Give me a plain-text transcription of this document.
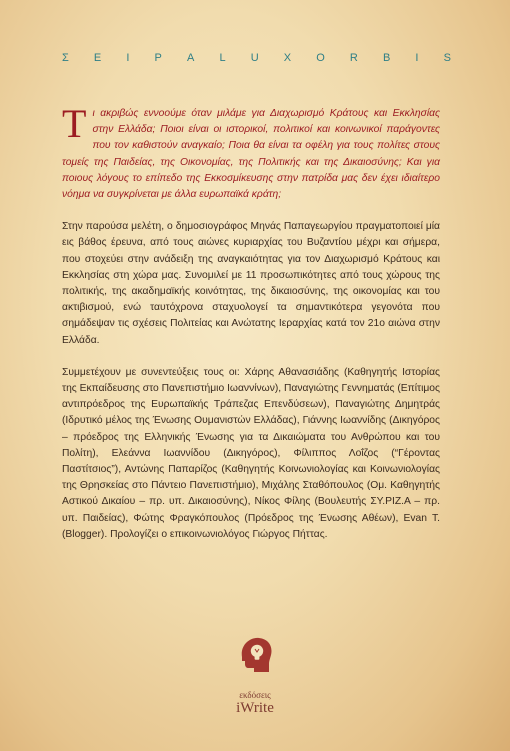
Σ Ε Ι Ρ Α L U X O R B I S
Τι ακριβώς εννοούμε όταν μιλάμε για Διαχωρισμό Κράτους και Εκκλησίας στην Ελλάδα; Ποιοι είναι οι ιστορικοί, πολιτικοί και κοινωνικοί παράγοντες που τον καθιστούν αναγκαίο; Ποια θα είναι τα οφέλη για τους πολίτες στους τομείς της Παιδείας, της Οικονομίας, της Πολιτικής και της Δικαιοσύνης; Και για ποιους λόγους το επίπεδο της Εκκοσμίκευσης στην πατρίδα μας δεν έχει ιδιαίτερο νόημα να συγκρίνεται με άλλα ευρωπαϊκά κράτη;
Στην παρούσα μελέτη, ο δημοσιογράφος Μηνάς Παπαγεωργίου πραγματοποιεί μία εις βάθος έρευνα, από τους αιώνες κυριαρχίας του Βυζαντίου μέχρι και σήμερα, που στοχεύει στην ανάδειξη της αναγκαιότητας για τον Διαχωρισμό Κράτους και Εκκλησίας στη χώρα μας. Συνομιλεί με 11 προσωπικότητες από τους χώρους της πολιτικής, της ακαδημαϊκής κοινότητας, της δικαιοσύνης, της οικονομίας και του ακτιβισμού, ενώ ταυτόχρονα σταχυολογεί τα σημαντικότερα γεγονότα που σημάδεψαν τις σχέσεις Πολιτείας και Ανώτατης Ιεραρχίας κατά τον 21ο αιώνα στην Ελλάδα.
Συμμετέχουν με συνεντεύξεις τους οι: Χάρης Αθανασιάδης (Καθηγητής Ιστορίας της Εκπαίδευσης στο Πανεπιστήμιο Ιωαννίνων), Παναγιώτης Γεννηματάς (Επίτιμος αντιπρόεδρος της Ευρωπαϊκής Τράπεζας Επενδύσεων), Παναγιώτης Δημητράς (Ιδρυτικό μέλος της Ένωσης Ουμανιστών Ελλάδας), Γιάννης Ιωαννίδης (Δικηγόρος – πρόεδρος της Ελληνικής Ένωσης για τα Δικαιώματα του Ανθρώπου και του Πολίτη), Ελεάννα Ιωαννίδου (Δικηγόρος), Φίλιππος Λοΐζος (“Γέροντας Παστίτσιος”), Αντώνης Παπαρίζος (Καθηγητής Κοινωνιολογίας και Κοινωνιολογίας της Θρησκείας στο Πάντειο Πανεπιστήμιο), Μιχάλης Σταθόπουλος (Ομ. Καθηγητής Αστικού Δικαίου – πρ. υπ. Δικαιοσύνης), Νίκος Φίλης (Βουλευτής ΣΥ.ΡΙΖ.Α – πρ. υπ. Παιδείας), Φώτης Φραγκόπουλος (Πρόεδρος της Ένωσης Αθέων), Evan T. (Blogger). Προλογίζει ο επικοινωνιολόγος Γιώργος Πήττας.
εκδόσεις
iWrite
